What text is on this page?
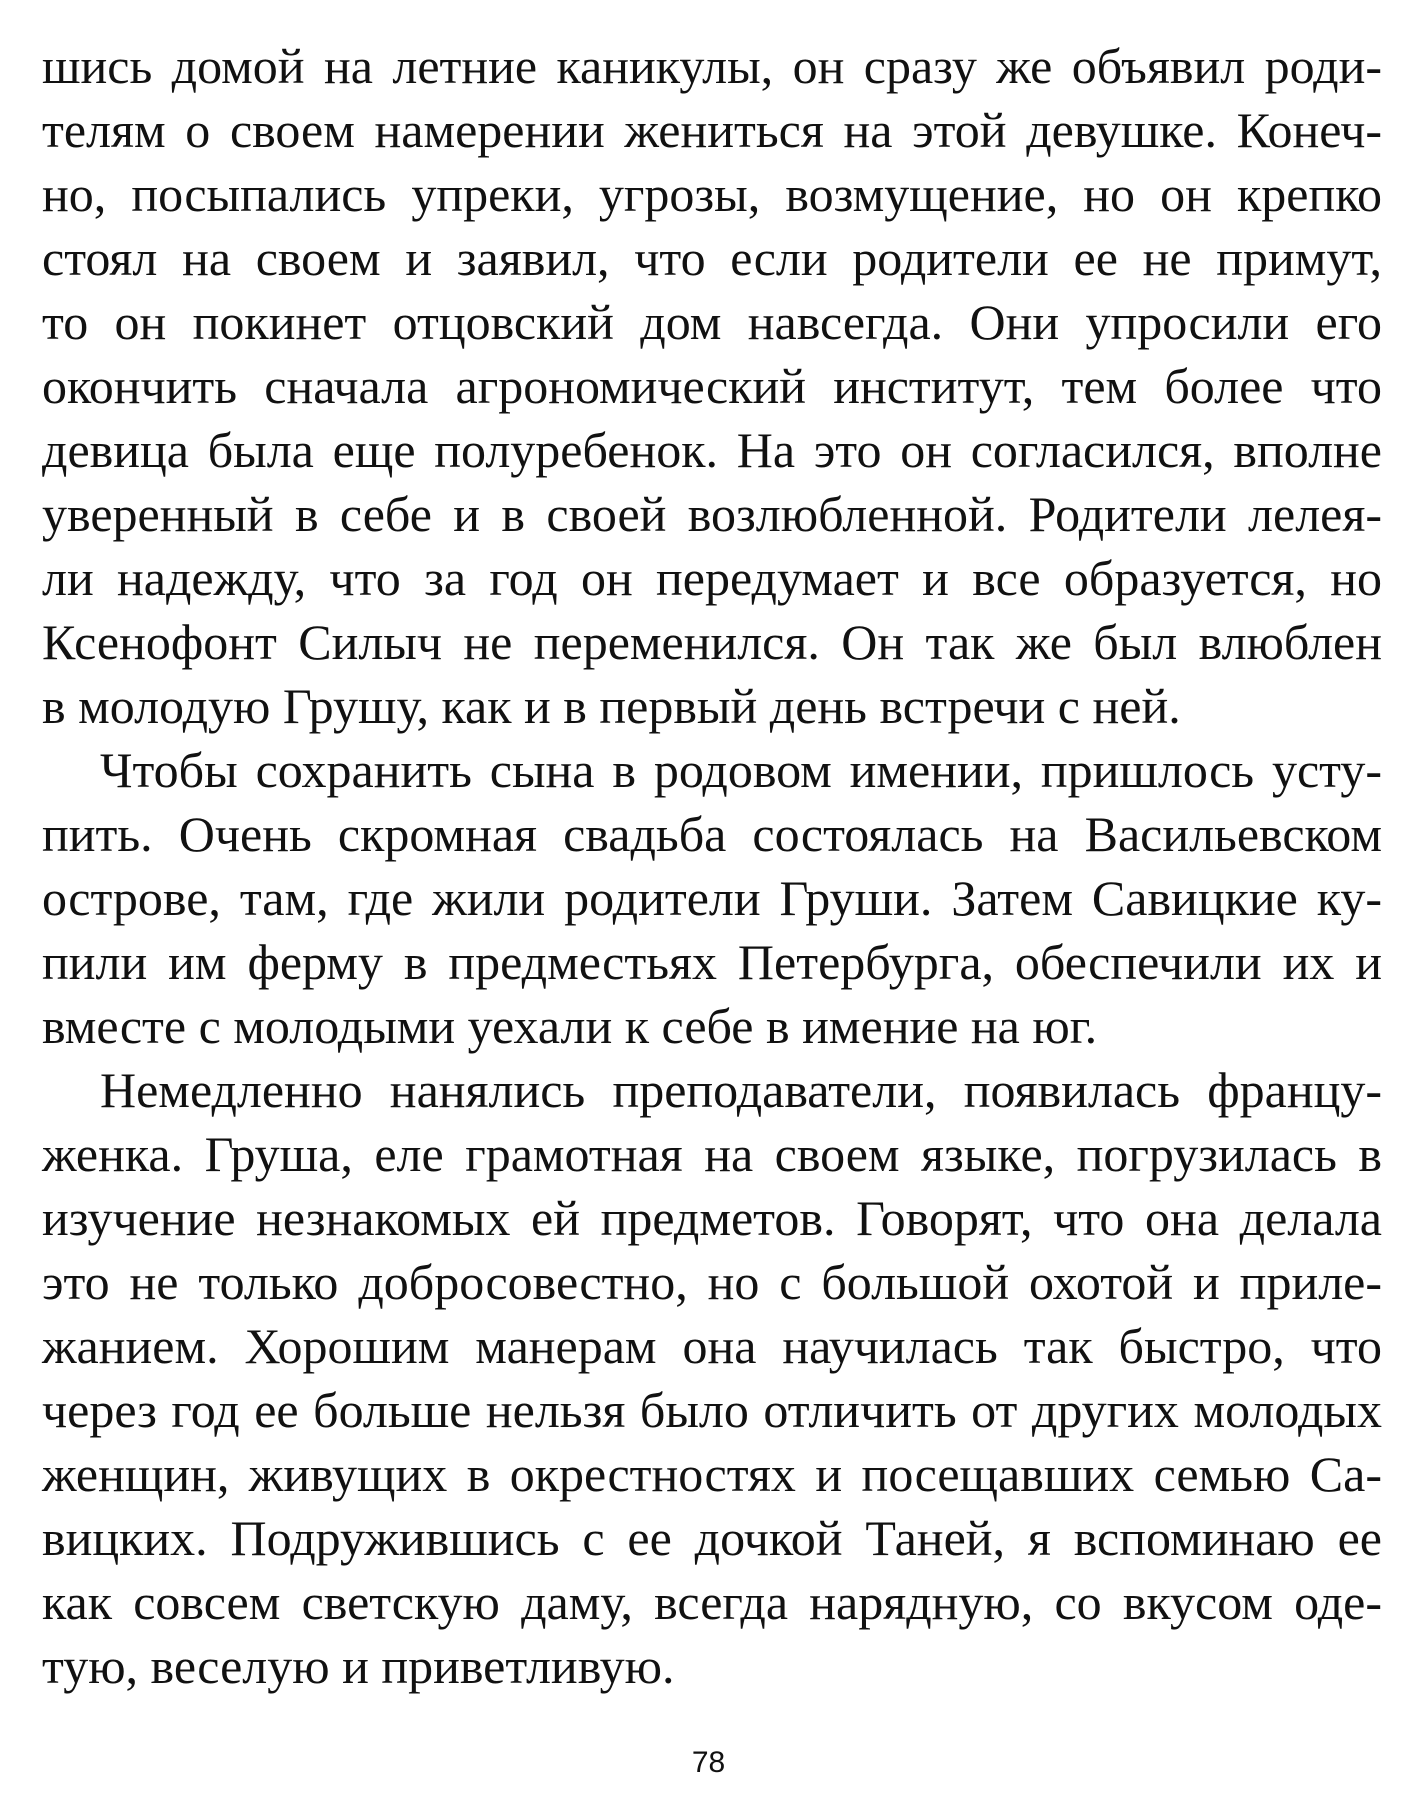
шись домой на летние каникулы, он сразу же объявил роди-
телям о своем намерении жениться на этой девушке. Конеч-
но, посыпались упреки, угрозы, возмущение, но он крепко
стоял на своем и заявил, что если родители ее не примут,
то он покинет отцовский дом навсегда. Они упросили его
окончить сначала агрономический институт, тем более что
девица была еще полуребенок. На это он согласился, вполне
уверенный в себе и в своей возлюбленной. Родители лелея-
ли надежду, что за год он передумает и все образуется, но
Ксенофонт Силыч не переменился. Он так же был влюблен
в молодую Грушу, как и в первый день встречи с ней.

Чтобы сохранить сына в родовом имении, пришлось усту-
пить. Очень скромная свадьба состоялась на Васильевском
острове, там, где жили родители Груши. Затем Савицкие ку-
пили им ферму в предместьях Петербурга, обеспечили их и
вместе с молодыми уехали к себе в имение на юг.

Немедленно нанялись преподаватели, появилась францу-
женка. Груша, еле грамотная на своем языке, погрузилась в
изучение незнакомых ей предметов. Говорят, что она делала
это не только добросовестно, но с большой охотой и приле-
жанием. Хорошим манерам она научилась так быстро, что
через год ее больше нельзя было отличить от других молодых
женщин, живущих в окрестностях и посещавших семью Са-
вицких. Подружившись с ее дочкой Таней, я вспоминаю ее
как совсем светскую даму, всегда нарядную, со вкусом оде-
тую, веселую и приветливую.

78
